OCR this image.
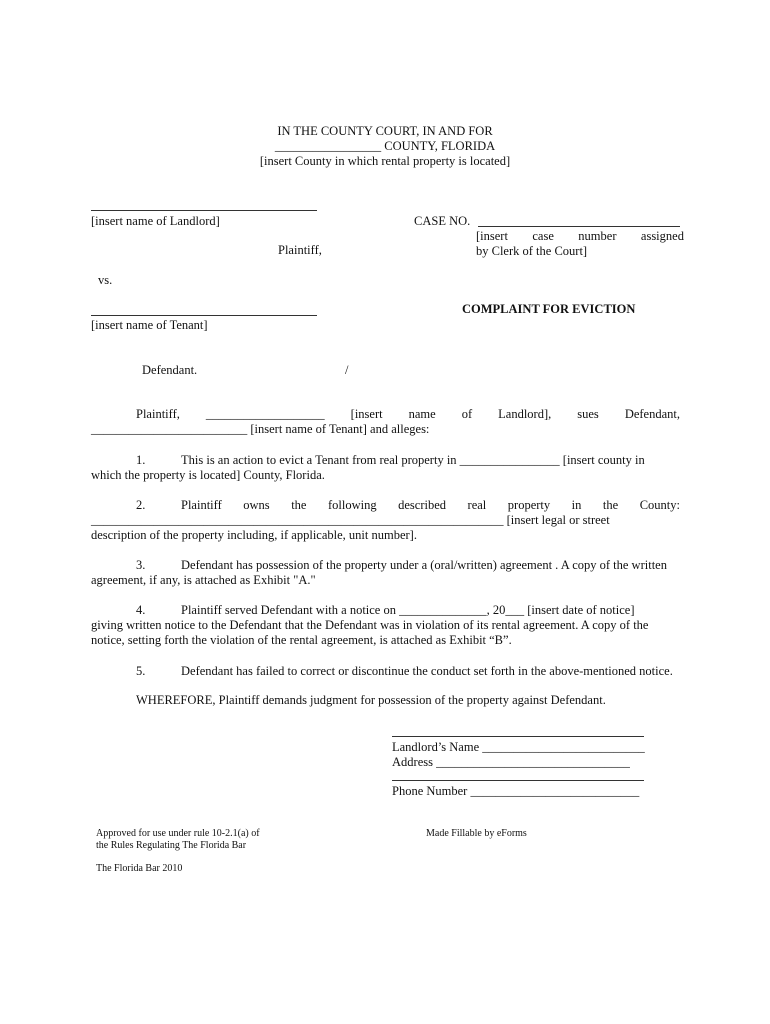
IN THE COUNTY COURT, IN AND FOR
_________________ COUNTY, FLORIDA
[insert County in which rental property is located]
[insert name of Landlord]
Plaintiff,
CASE NO.
[insert case number assigned
by Clerk of the Court]
vs.
[insert name of Tenant]
COMPLAINT FOR EVICTION
Defendant.	/
Plaintiff, ___________________ [insert name of Landlord], sues Defendant,
_________________________ [insert name of Tenant] and alleges:
1.	This is an action to evict a Tenant from real property in ________________ [insert county in
which the property is located] County, Florida.
2.	Plaintiff owns the following described real property in the County:
__________________________________________________________________ [insert legal or street
description of the property including, if applicable, unit number].
3.	Defendant has possession of the property under a (oral/written) agreement . A copy of the written
agreement, if any, is attached as Exhibit "A."
4.	Plaintiff served Defendant with a notice on ______________, 20___ [insert date of notice]
giving written notice to the Defendant that the Defendant was in violation of its rental agreement. A copy of the
notice, setting forth the violation of the rental agreement, is attached as Exhibit “B”.
5.	Defendant has failed to correct or discontinue the conduct set forth in the above-mentioned notice.
WHEREFORE, Plaintiff demands judgment for possession of the property against Defendant.
Landlord’s Name __________________________
Address _______________________________
Phone Number ___________________________
Approved for use under rule 10-2.1(a) of
the Rules Regulating The Florida Bar
Made Fillable by eForms
The Florida Bar 2010
